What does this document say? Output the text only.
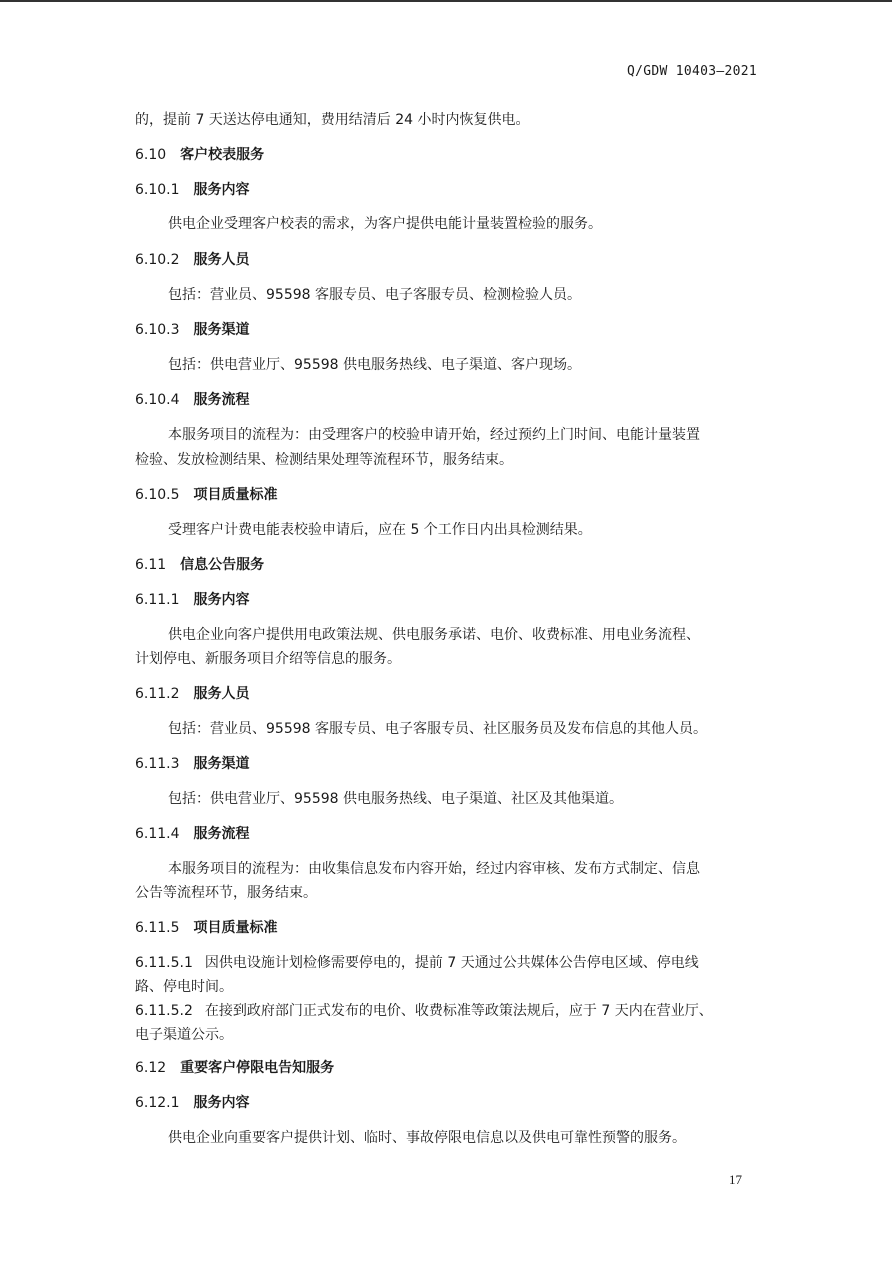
Q/GDW 10403—2021
的，提前 7 天送达停电通知，费用结清后 24 小时内恢复供电。
6.10 客户校表服务
6.10.1 服务内容
供电企业受理客户校表的需求，为客户提供电能计量装置检验的服务。
6.10.2 服务人员
包括：营业员、95598 客服专员、电子客服专员、检测检验人员。
6.10.3 服务渠道
包括：供电营业厅、95598 供电服务热线、电子渠道、客户现场。
6.10.4 服务流程
本服务项目的流程为：由受理客户的校验申请开始，经过预约上门时间、电能计量装置
检验、发放检测结果、检测结果处理等流程环节，服务结束。
6.10.5 项目质量标准
受理客户计费电能表校验申请后，应在 5 个工作日内出具检测结果。
6.11 信息公告服务
6.11.1 服务内容
供电企业向客户提供用电政策法规、供电服务承诺、电价、收费标准、用电业务流程、
计划停电、新服务项目介绍等信息的服务。
6.11.2 服务人员
包括：营业员、95598 客服专员、电子客服专员、社区服务员及发布信息的其他人员。
6.11.3 服务渠道
包括：供电营业厅、95598 供电服务热线、电子渠道、社区及其他渠道。
6.11.4 服务流程
本服务项目的流程为：由收集信息发布内容开始，经过内容审核、发布方式制定、信息
公告等流程环节，服务结束。
6.11.5 项目质量标准
6.11.5.1 因供电设施计划检修需要停电的，提前 7 天通过公共媒体公告停电区域、停电线
路、停电时间。
6.11.5.2 在接到政府部门正式发布的电价、收费标准等政策法规后，应于 7 天内在营业厅、
电子渠道公示。
6.12 重要客户停限电告知服务
6.12.1 服务内容
供电企业向重要客户提供计划、临时、事故停限电信息以及供电可靠性预警的服务。
17
